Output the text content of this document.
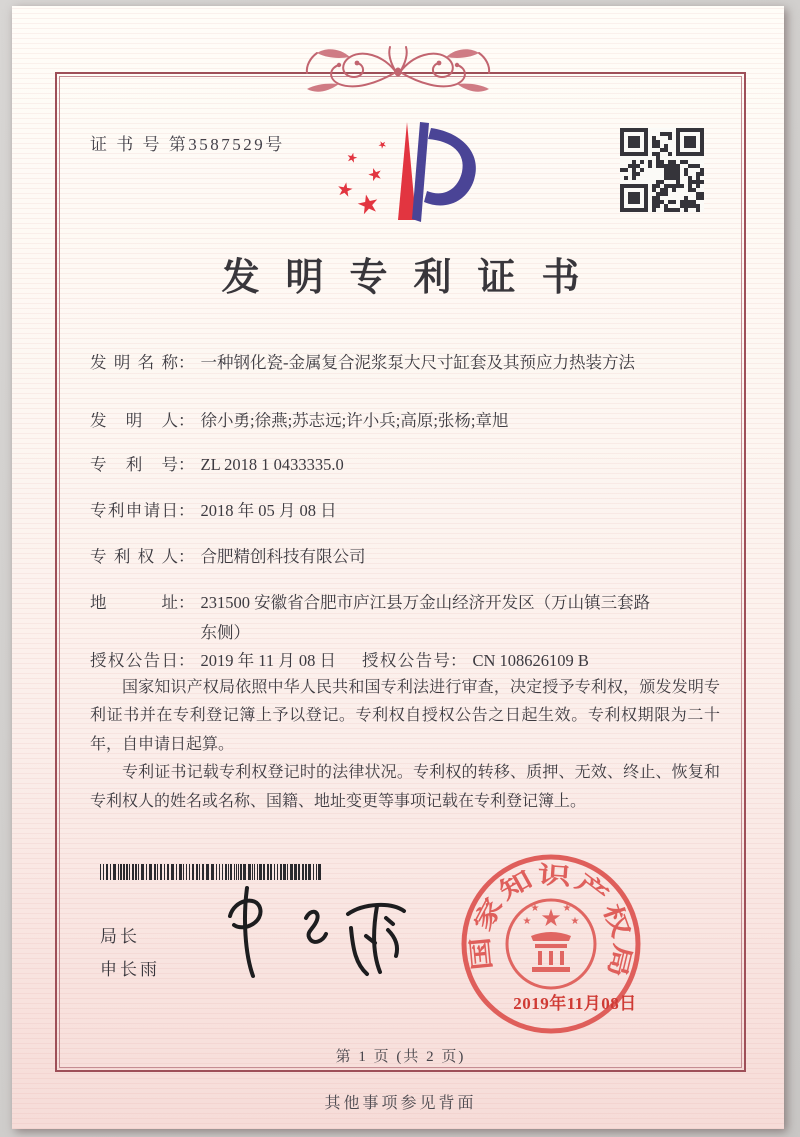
证 书 号 第3587529号
★
★
★
★
★
发明专利证书
发明名称 ： 一种钢化瓷-金属复合泥浆泵大尺寸缸套及其预应力热装方法
发明人 ： 徐小勇;徐燕;苏志远;许小兵;高原;张杨;章旭
专利号 ： ZL 2018 1 0433335.0
专利申请日 ： 2018 年 05 月 08 日
专利权人 ： 合肥精创科技有限公司
地址 ： 231500 安徽省合肥市庐江县万金山经济开发区（万山镇三套路东侧）
授权公告日 ： 2019 年 11 月 08 日 授权公告号 ： CN 108626109 B

国家知识产权局依照中华人民共和国专利法进行审查，决定授予专利权，颁发发明专利证书并在专利登记簿上予以登记。专利权自授权公告之日起生效。专利权期限为二十年，自申请日起算。

专利证书记载专利权登记时的法律状况。专利权的转移、质押、无效、终止、恢复和专利权人的姓名或名称、国籍、地址变更等事项记载在专利登记簿上。

局长
申长雨	国家知识产权局
★
★
★ ★
★
2019年11月08日
第 1 页 (共 2 页)
其他事项参见背面
